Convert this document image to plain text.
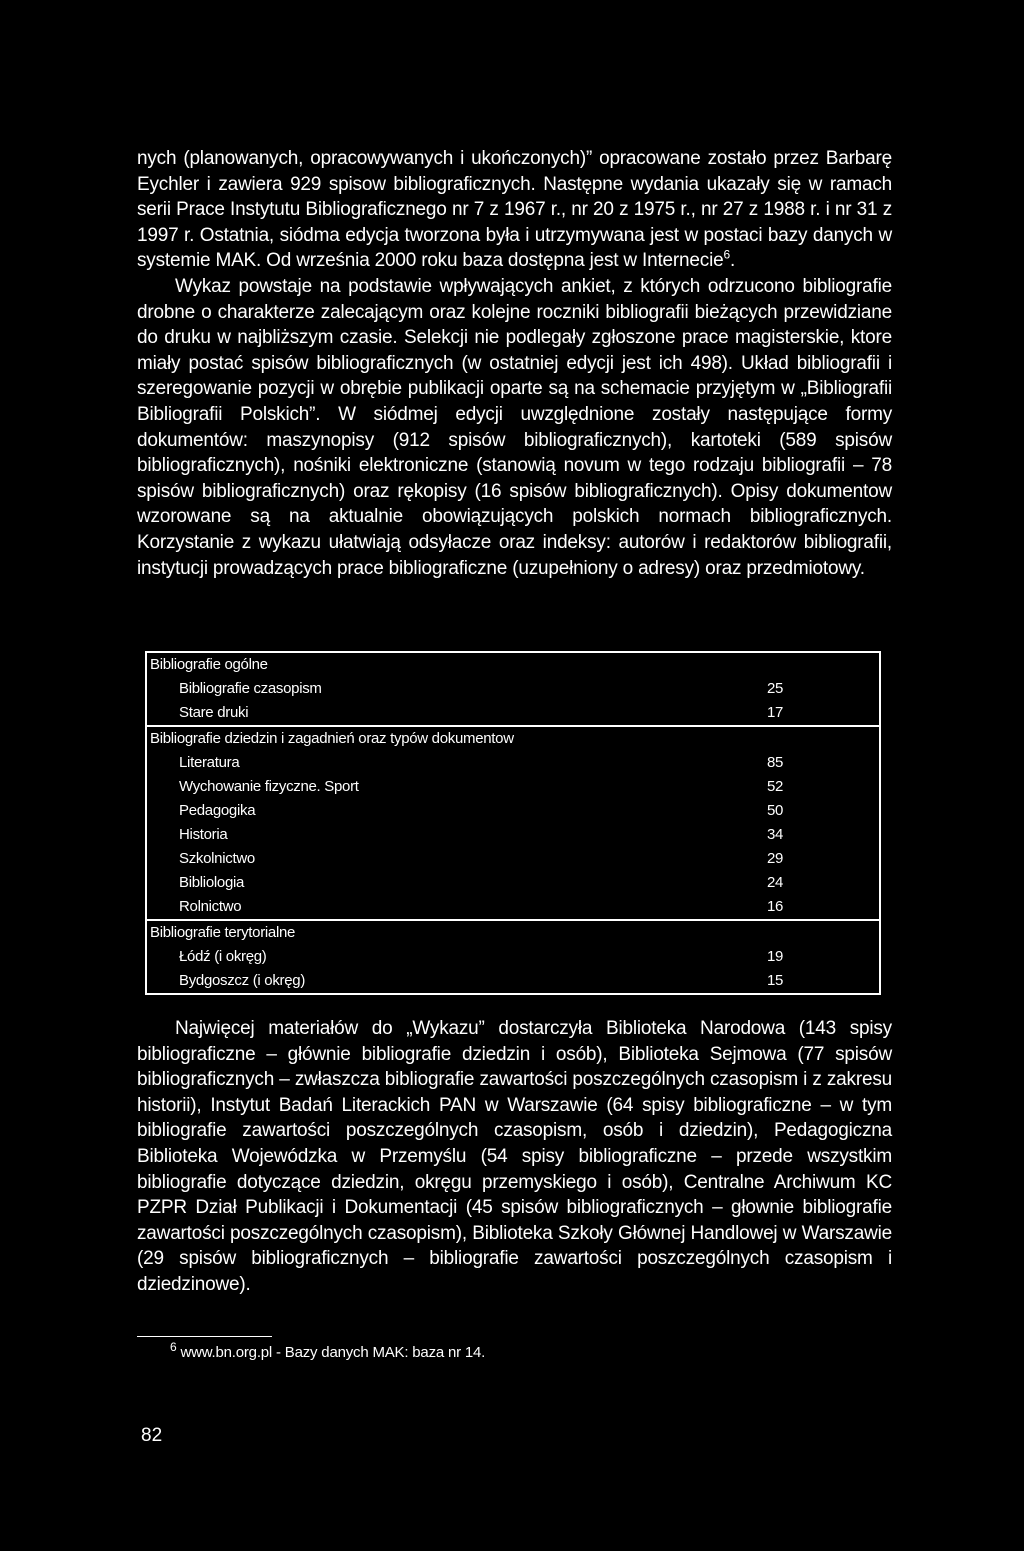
nych (planowanych, opracowywanych i ukończonych)” opracowane zostało przez Barbarę Eychler i zawiera 929 spisow bibliograficznych. Następne wydania ukazały się w ramach serii Prace Instytutu Bibliograficznego nr 7 z 1967 r., nr 20 z 1975 r., nr 27 z 1988 r. i nr 31 z 1997 r. Ostatnia, siódma edycja tworzona była i utrzymywana jest w postaci bazy danych w systemie MAK. Od września 2000 roku baza dostępna jest w Internecie$^6$.

Wykaz powstaje na podstawie wpływających ankiet, z których odrzucono bibliografie drobne o charakterze zalecającym oraz kolejne roczniki bibliografii bieżących przewidziane do druku w najbliższym czasie. Selekcji nie podlegały zgłoszone prace magisterskie, ktore miały postać spisów bibliograficznych (w ostatniej edycji jest ich 498). Układ bibliografii i szeregowanie pozycji w obrębie publikacji oparte są na schemacie przyjętym w „Bibliografii Bibliografii Polskich”. W siódmej edycji uwzględnione zostały następujące formy dokumentów: maszynopisy (912 spisów bibliograficznych), kartoteki (589 spisów bibliograficznych), nośniki elektroniczne (stanowią novum w tego rodzaju bibliografii – 78 spisów bibliograficznych) oraz rękopisy (16 spisów bibliograficznych). Opisy dokumentow wzorowane są na aktualnie obowiązujących polskich normach bibliograficznych. Korzystanie z wykazu ułatwiają odsyłacze oraz indeksy: autorów i redaktorów bibliografii, instytucji prowadzących prace bibliograficzne (uzupełniony o adresy) oraz przedmiotowy.

Bibliografie ogólne
Bibliografie czasopism	25
Stare druki	17
Bibliografie dziedzin i zagadnień oraz typów dokumentow
Literatura	85
Wychowanie fizyczne. Sport	52
Pedagogika	50
Historia	34
Szkolnictwo	29
Bibliologia	24
Rolnictwo	16
Bibliografie terytorialne
Łódź (i okręg)	19
Bydgoszcz (i okręg)	15

Najwięcej materiałów do „Wykazu” dostarczyła Biblioteka Narodowa (143 spisy bibliograficzne – głównie bibliografie dziedzin i osób), Biblioteka Sejmowa (77 spisów bibliograficznych – zwłaszcza bibliografie zawartości poszczególnych czasopism i z zakresu historii), Instytut Badań Literackich PAN w Warszawie (64 spisy bibliograficzne – w tym bibliografie zawartości poszczególnych czasopism, osób i dziedzin), Pedagogiczna Biblioteka Wojewódzka w Przemyślu (54 spisy bibliograficzne – przede wszystkim bibliografie dotyczące dziedzin, okręgu przemyskiego i osób), Centralne Archiwum KC PZPR Dział Publikacji i Dokumentacji (45 spisów bibliograficznych – głownie bibliografie zawartości poszczególnych czasopism), Biblioteka Szkoły Głównej Handlowej w Warszawie (29 spisów bibliograficznych – bibliografie zawartości poszczególnych czasopism i dziedzinowe).

$^6$ www.bn.org.pl - Bazy danych MAK: baza nr 14.
82
